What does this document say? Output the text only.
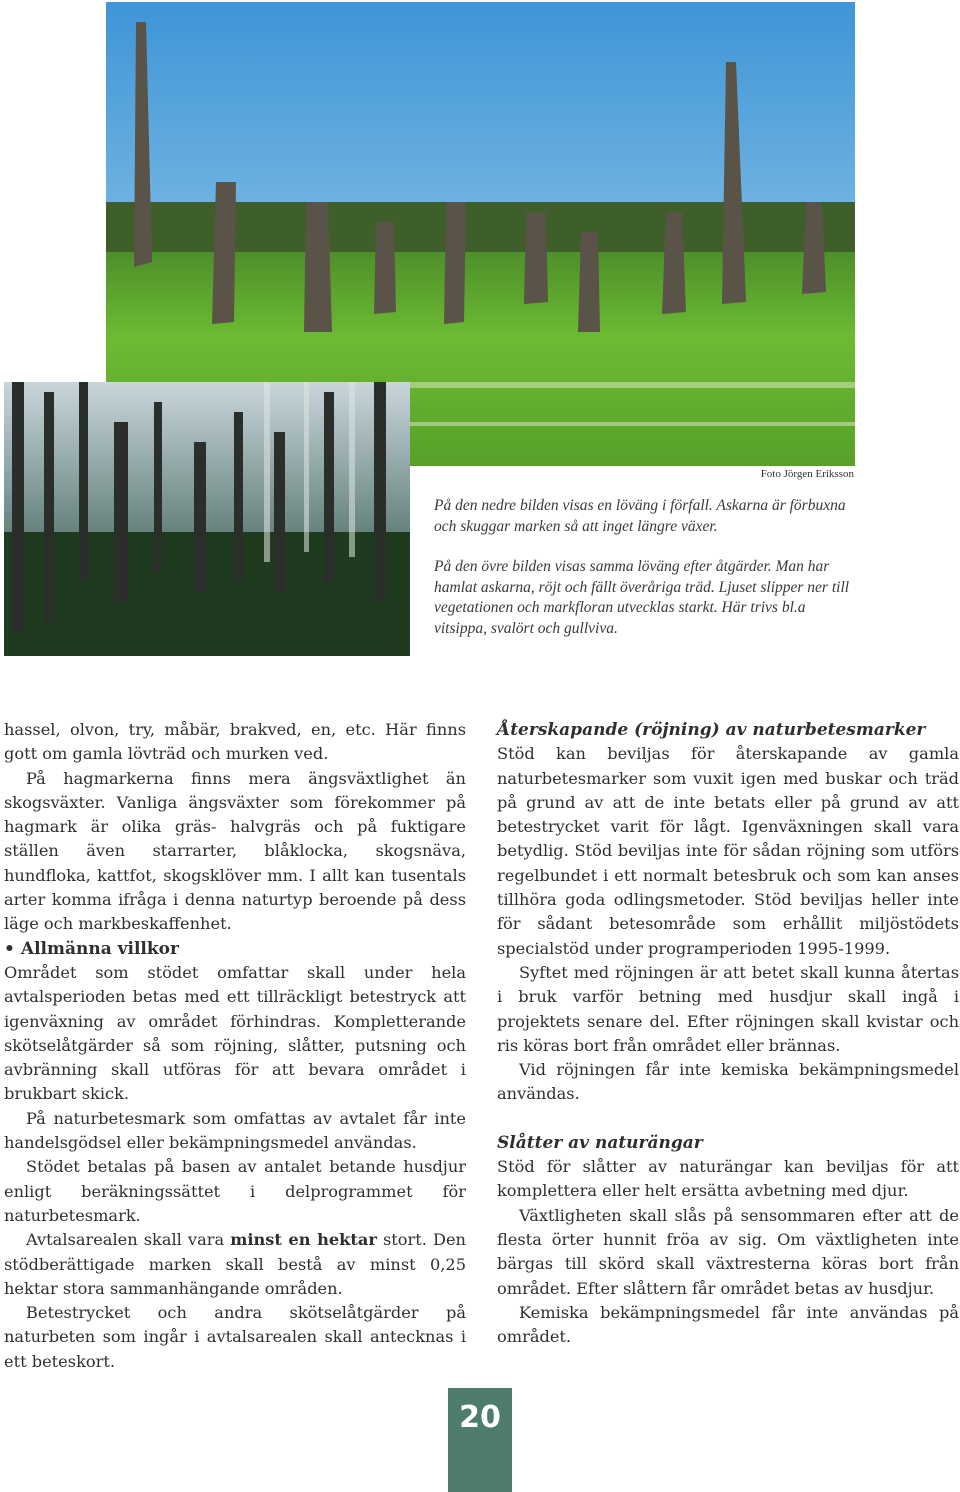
Foto Jörgen Eriksson

På den nedre bilden visas en löväng i förfall. Askarna är förbuxna och skuggar marken så att inget längre växer.

På den övre bilden visas samma löväng efter åtgärder. Man har hamlat askarna, röjt och fällt överåriga träd. Ljuset slipper ner till vegetationen och markfloran utvecklas starkt. Här trivs bl.a vitsippa, svalört och gullviva.

hassel, olvon, try, måbär, brakved, en, etc. Här finns gott om gamla lövträd och murken ved.

På hagmarkerna finns mera ängsväxtlighet än skogsväxter. Vanliga ängsväxter som förekommer på hagmark är olika gräs- halvgräs och på fuktigare ställen även starrarter, blåklocka, skogsnäva, hundfloka, kattfot, skogsklöver mm. I allt kan tusentals arter komma ifråga i denna naturtyp beroende på dess läge och markbeskaffenhet.

• Allmänna villkor

Området som stödet omfattar skall under hela avtalsperioden betas med ett tillräckligt betestryck att igenväxning av området förhindras. Kompletterande skötselåtgärder så som röjning, slåtter, putsning och avbränning skall utföras för att bevara området i brukbart skick.

På naturbetesmark som omfattas av avtalet får inte handelsgödsel eller bekämpningsmedel användas.

Stödet betalas på basen av antalet betande husdjur enligt beräkningssättet i delprogrammet för naturbetesmark.

Avtalsarealen skall vara minst en hektar stort. Den stödberättigade marken skall bestå av minst 0,25 hektar stora sammanhängande områden.

Betestrycket och andra skötselåtgärder på naturbeten som ingår i avtalsarealen skall antecknas i ett beteskort.

Återskapande (röjning) av naturbetesmarker

Stöd kan beviljas för återskapande av gamla naturbetesmarker som vuxit igen med buskar och träd på grund av att de inte betats eller på grund av att betestrycket varit för lågt. Igenväxningen skall vara betydlig. Stöd beviljas inte för sådan röjning som utförs regelbundet i ett normalt betesbruk och som kan anses tillhöra goda odlingsmetoder. Stöd beviljas heller inte för sådant betesområde som erhållit miljöstödets specialstöd under programperioden 1995-1999.

Syftet med röjningen är att betet skall kunna återtas i bruk varför betning med husdjur skall ingå i projektets senare del. Efter röjningen skall kvistar och ris köras bort från området eller brännas.

Vid röjningen får inte kemiska bekämpningsmedel användas.

Slåtter av naturängar

Stöd för slåtter av naturängar kan beviljas för att komplettera eller helt ersätta avbetning med djur.

Växtligheten skall slås på sensommaren efter att de flesta örter hunnit fröa av sig. Om växtligheten inte bärgas till skörd skall växtresterna köras bort från området. Efter slåttern får området betas av husdjur.

Kemiska bekämpningsmedel får inte användas på området.

20
